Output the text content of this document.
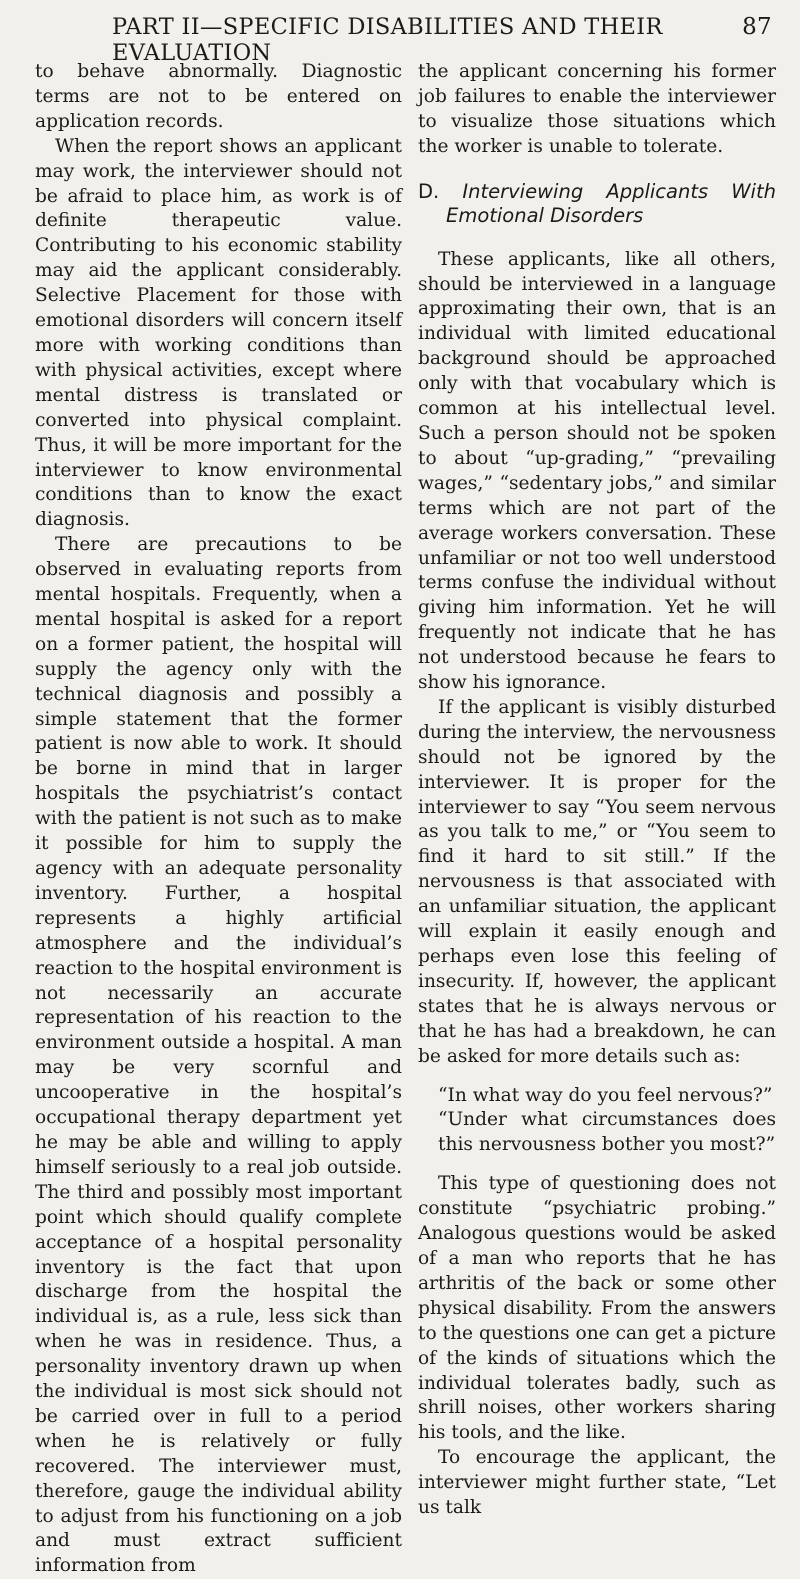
PART II—SPECIFIC DISABILITIES AND THEIR EVALUATION
87

to behave abnormally. Diagnostic terms are not to be entered on application records.

When the report shows an applicant may work, the interviewer should not be afraid to place him, as work is of definite therapeutic value. Contributing to his economic stability may aid the applicant considerably. Selective Placement for those with emotional disorders will concern itself more with working conditions than with physical activities, except where mental distress is translated or converted into physical complaint. Thus, it will be more important for the interviewer to know environmental conditions than to know the exact diagnosis.

There are precautions to be observed in evaluating reports from mental hospitals. Frequently, when a mental hospital is asked for a report on a former patient, the hospital will supply the agency only with the technical diagnosis and possibly a simple statement that the former patient is now able to work. It should be borne in mind that in larger hospitals the psychiatrist’s contact with the patient is not such as to make it possible for him to supply the agency with an adequate personality inventory. Further, a hospital represents a highly artificial atmosphere and the individual’s reaction to the hospital environment is not necessarily an accurate representation of his reaction to the environment outside a hospital. A man may be very scornful and uncooperative in the hospital’s occupational therapy department yet he may be able and willing to apply himself seriously to a real job outside. The third and possibly most important point which should qualify complete acceptance of a hospital personality inventory is the fact that upon discharge from the hospital the individual is, as a rule, less sick than when he was in residence. Thus, a personality inventory drawn up when the individual is most sick should not be carried over in full to a period when he is relatively or fully recovered. The interviewer must, therefore, gauge the individual ability to adjust from his functioning on a job and must extract sufficient information from

the applicant concerning his former job failures to enable the interviewer to visualize those situations which the worker is unable to tolerate.

D. Interviewing Applicants With
Emotional Disorders

These applicants, like all others, should be interviewed in a language approximating their own, that is an individual with limited educational background should be approached only with that vocabulary which is common at his intellectual level. Such a person should not be spoken to about “up-grading,” “prevailing wages,” “sedentary jobs,” and similar terms which are not part of the average workers conversation. These unfamiliar or not too well understood terms confuse the individual without giving him information. Yet he will frequently not indicate that he has not understood because he fears to show his ignorance.

If the applicant is visibly disturbed during the interview, the nervousness should not be ignored by the interviewer. It is proper for the interviewer to say “You seem nervous as you talk to me,” or “You seem to find it hard to sit still.” If the nervousness is that associated with an unfamiliar situation, the applicant will explain it easily enough and perhaps even lose this feeling of insecurity. If, however, the applicant states that he is always nervous or that he has had a breakdown, he can be asked for more details such as:

“In what way do you feel nervous?”

“Under what circumstances does this nervousness bother you most?”

This type of questioning does not constitute “psychiatric probing.” Analogous questions would be asked of a man who reports that he has arthritis of the back or some other physical disability. From the answers to the questions one can get a picture of the kinds of situations which the individual tolerates badly, such as shrill noises, other workers sharing his tools, and the like.

To encourage the applicant, the interviewer might further state, “Let us talk
